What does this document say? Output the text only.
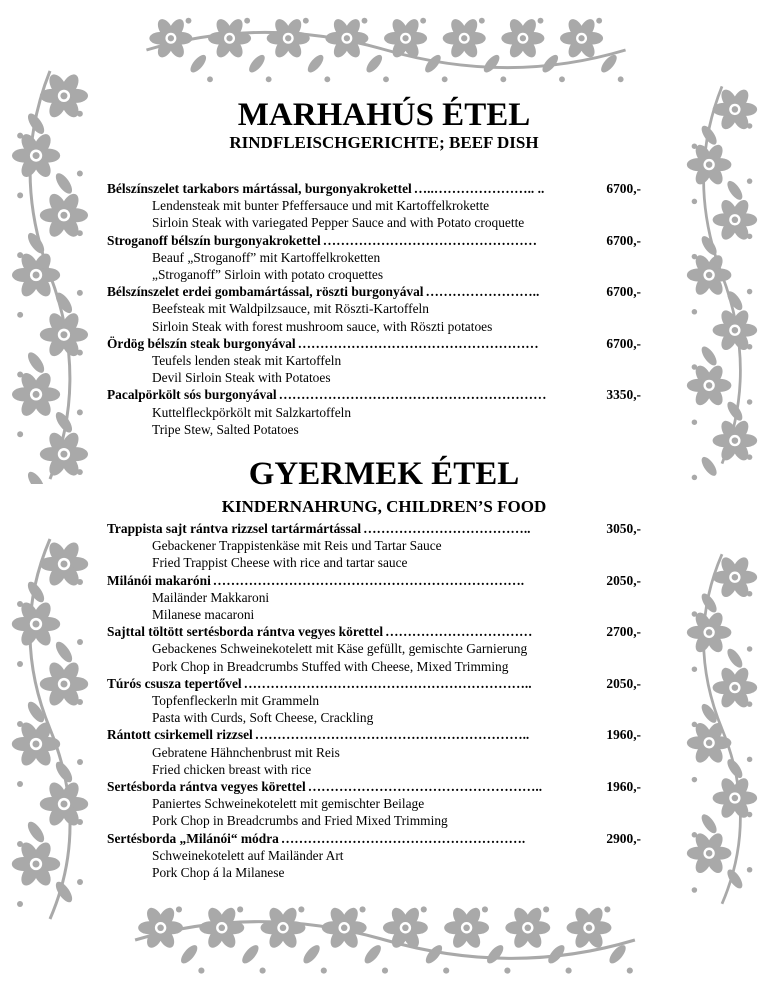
MARHAHÚS ÉTEL
RINDFLEISCHGERICHTE; BEEF DISH
Bélszínszelet tarkabors mártással, burgonyakrokettel …..………………….. ..	6700,-
Lendensteak mit bunter Pfeffersauce und mit Kartoffelkrokette
Sirloin Steak with variegated Pepper Sauce and with Potato croquette
Stroganoff bélszín burgonyakrokettel …………………………………………	6700,-
Beauf „Stroganoff” mit Kartoffelkroketten
„Stroganoff” Sirloin with potato croquettes
Bélszínszelet erdei gombamártással, röszti burgonyával ……………………..	6700,-
Beefsteak mit Waldpilzsauce, mit Röszti-Kartoffeln
Sirloin Steak with forest mushroom sauce, with Röszti potatoes
Ördög bélszín steak burgonyával ………………………………………………	6700,-
Teufels lenden steak mit Kartoffeln
Devil Sirloin Steak with Potatoes
Pacalpörkölt sós burgonyával ……………………………………………………	3350,-
Kuttelfleckpörkölt mit Salzkartoffeln
Tripe Stew, Salted Potatoes
GYERMEK ÉTEL
KINDERNAHRUNG, CHILDREN’S FOOD
Trappista sajt rántva rizzsel tartármártással ………………………………..	3050,-
Gebackener Trappistenkäse mit Reis und Tartar Sauce
Fried Trappist Cheese with rice and tartar sauce
Milánói makaróni …………………………………………………………….	2050,-
Mailänder Makkaroni
Milanese macaroni
Sajttal töltött sertésborda rántva vegyes körettel ……………………………	2700,-
Gebackenes Schweinekotelett mit Käse gefüllt, gemischte Garnierung
Pork Chop in Breadcrumbs Stuffed with Cheese, Mixed Trimming
Túrós csusza tepertővel ………………………………………………………..	2050,-
Topfenfleckerln mit Grammeln
Pasta with Curds, Soft Cheese, Crackling
Rántott csirkemell rizzsel ……………………………………………………..	1960,-
Gebratene Hähnchenbrust mit Reis
Fried chicken breast with rice
Sertésborda rántva vegyes körettel ……………………………………………..	1960,-
Paniertes Schweinekotelett mit gemischter Beilage
Pork Chop in Breadcrumbs and Fried Mixed Trimming
Sertésborda „Milánói“ módra ……………………………………………….	2900,-
Schweinekotelett auf Mailänder Art
Pork Chop á la Milanese
